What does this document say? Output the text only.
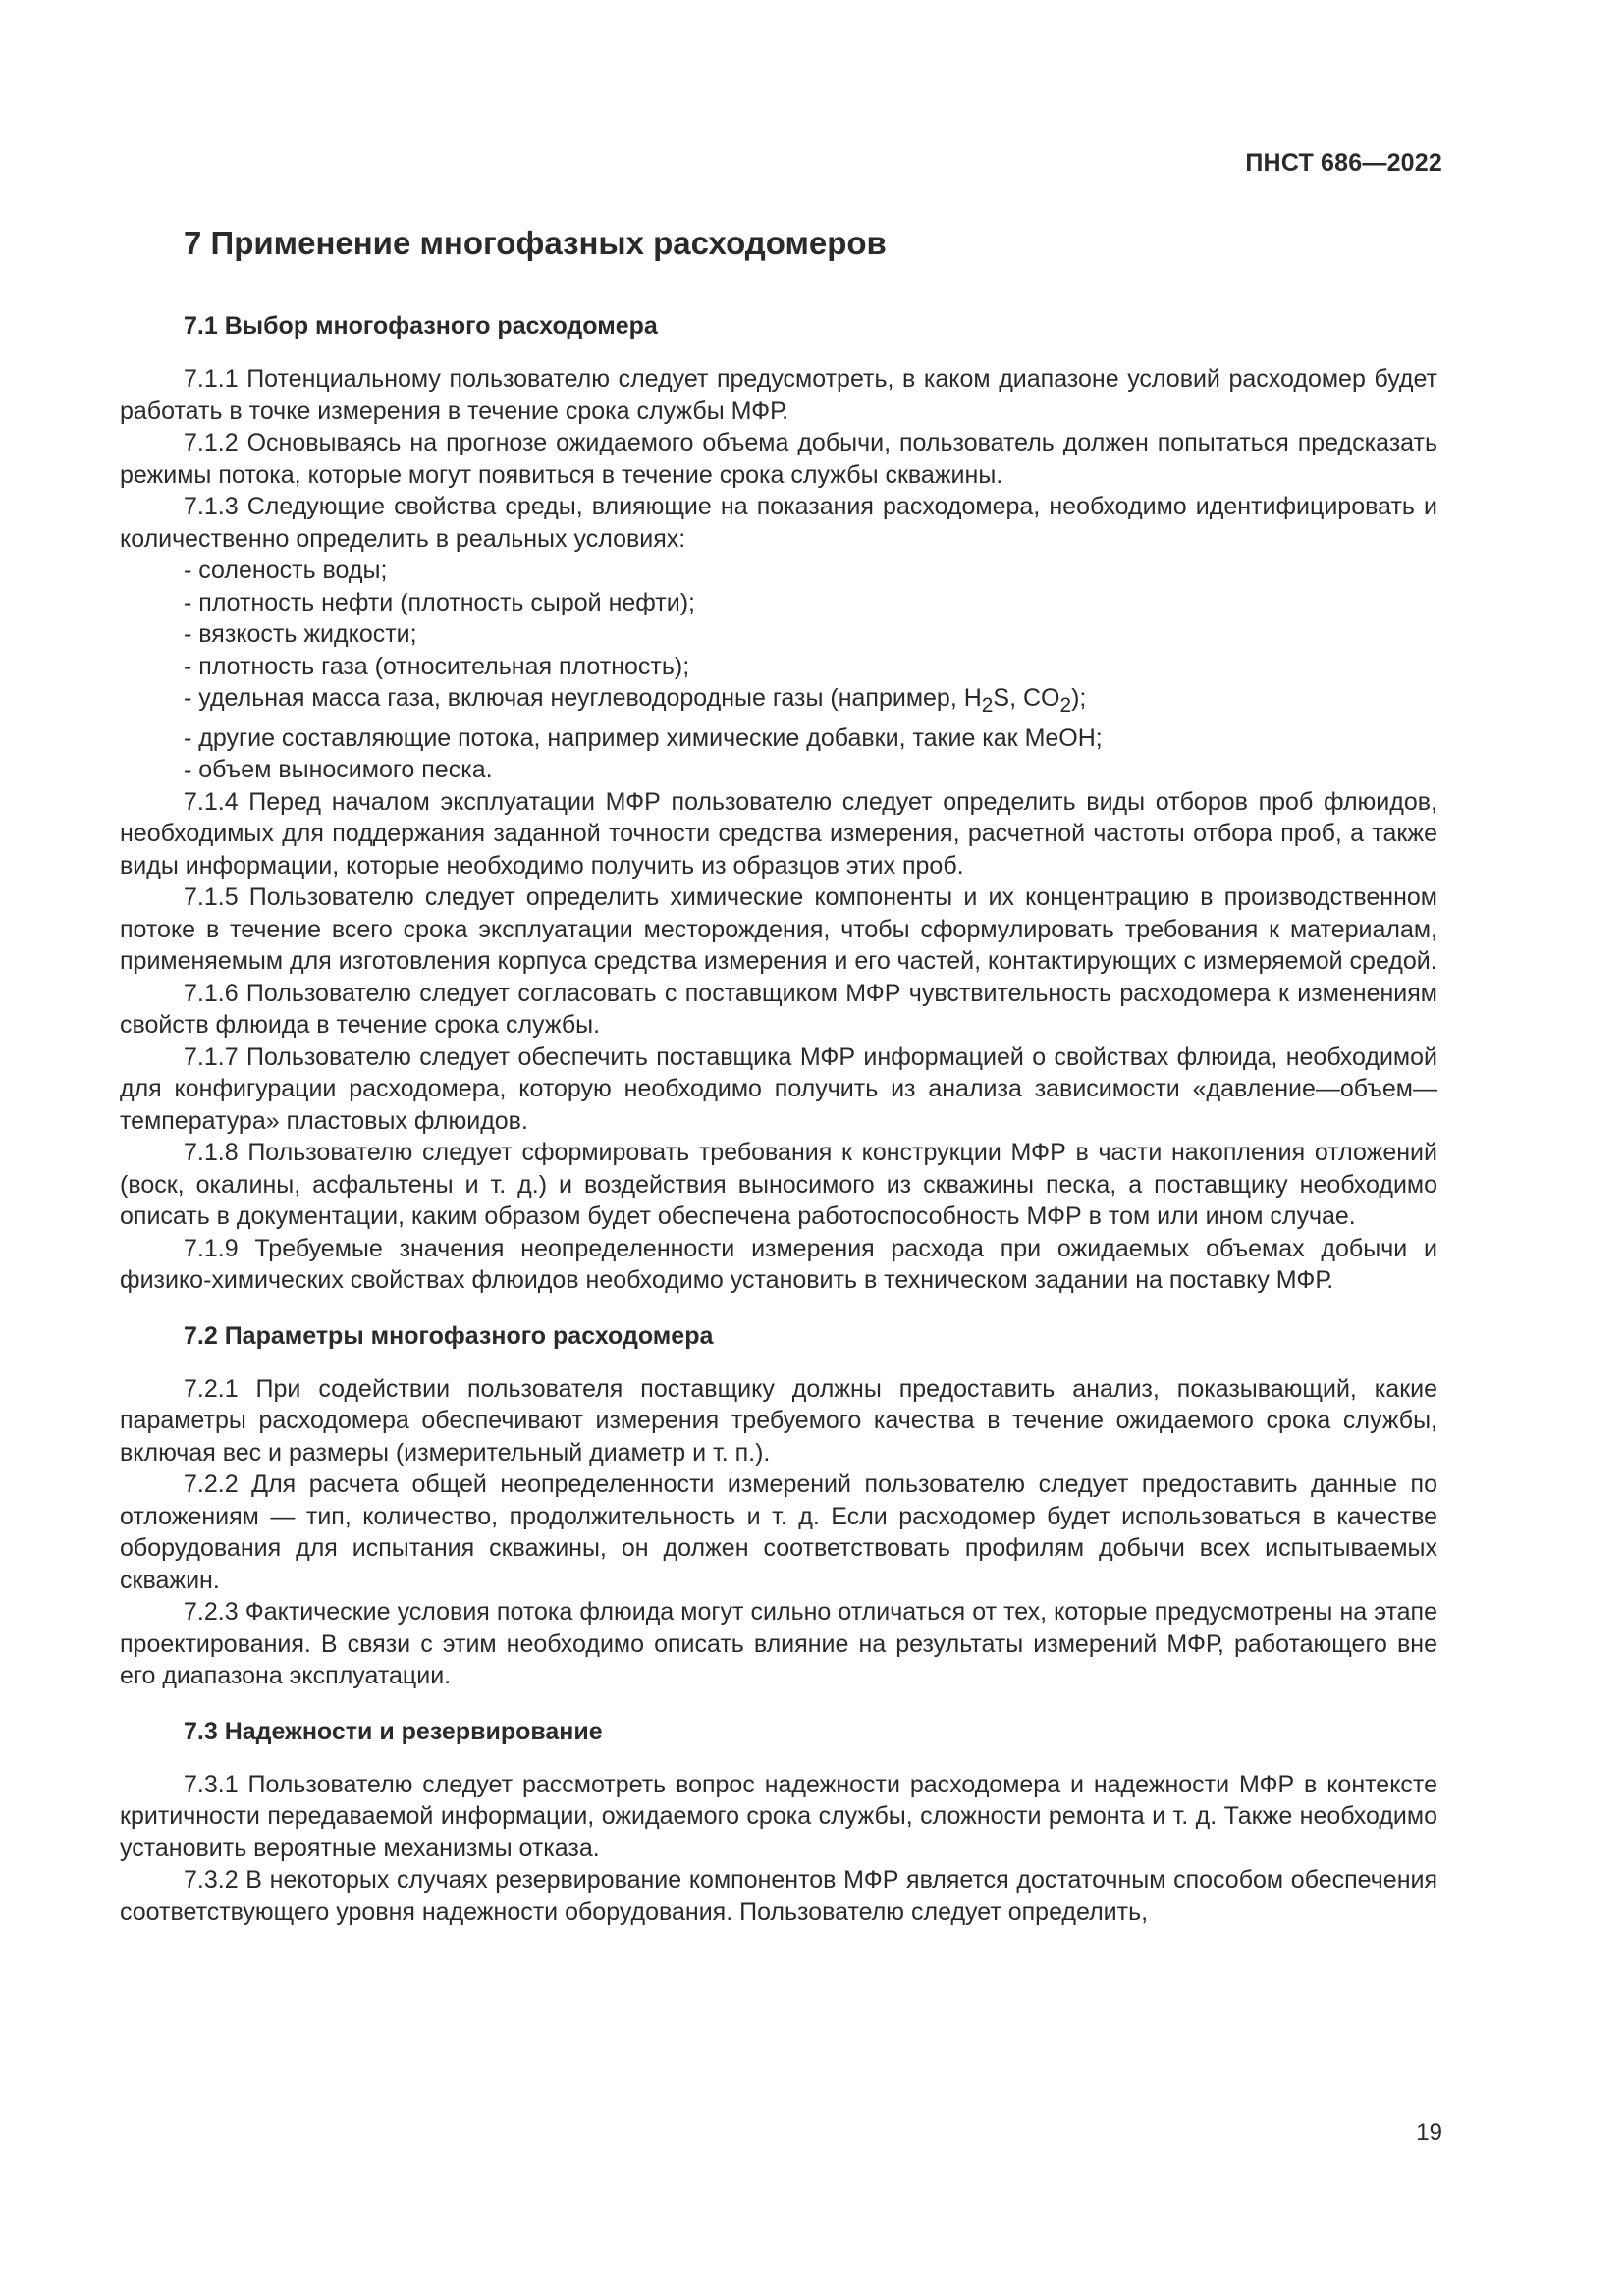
ПНСТ 686—2022
7 Применение многофазных расходомеров
7.1 Выбор многофазного расходомера

7.1.1 Потенциальному пользователю следует предусмотреть, в каком диапазоне условий расходомер будет работать в точке измерения в течение срока службы МФР.

7.1.2 Основываясь на прогнозе ожидаемого объема добычи, пользователь должен попытаться предсказать режимы потока, которые могут появиться в течение срока службы скважины.

7.1.3 Следующие свойства среды, влияющие на показания расходомера, необходимо идентифицировать и количественно определить в реальных условиях:

- соленость воды;
- плотность нефти (плотность сырой нефти);
- вязкость жидкости;
- плотность газа (относительная плотность);
- удельная масса газа, включая неуглеводородные газы (например, $H_2S$, $CO_2$);
- другие составляющие потока, например химические добавки, такие как MeOH;
- объем выносимого песка.

7.1.4 Перед началом эксплуатации МФР пользователю следует определить виды отборов проб флюидов, необходимых для поддержания заданной точности средства измерения, расчетной частоты отбора проб, а также виды информации, которые необходимо получить из образцов этих проб.

7.1.5 Пользователю следует определить химические компоненты и их концентрацию в производственном потоке в течение всего срока эксплуатации месторождения, чтобы сформулировать требования к материалам, применяемым для изготовления корпуса средства измерения и его частей, контактирующих с измеряемой средой.

7.1.6 Пользователю следует согласовать с поставщиком МФР чувствительность расходомера к изменениям свойств флюида в течение срока службы.

7.1.7 Пользователю следует обеспечить поставщика МФР информацией о свойствах флюида, необходимой для конфигурации расходомера, которую необходимо получить из анализа зависимости «давление—объем—температура» пластовых флюидов.

7.1.8 Пользователю следует сформировать требования к конструкции МФР в части накопления отложений (воск, окалины, асфальтены и т. д.) и воздействия выносимого из скважины песка, а поставщику необходимо описать в документации, каким образом будет обеспечена работоспособность МФР в том или ином случае.

7.1.9 Требуемые значения неопределенности измерения расхода при ожидаемых объемах добычи и физико-химических свойствах флюидов необходимо установить в техническом задании на поставку МФР.

7.2 Параметры многофазного расходомера

7.2.1 При содействии пользователя поставщику должны предоставить анализ, показывающий, какие параметры расходомера обеспечивают измерения требуемого качества в течение ожидаемого срока службы, включая вес и размеры (измерительный диаметр и т. п.).

7.2.2 Для расчета общей неопределенности измерений пользователю следует предоставить данные по отложениям — тип, количество, продолжительность и т. д. Если расходомер будет использоваться в качестве оборудования для испытания скважины, он должен соответствовать профилям добычи всех испытываемых скважин.

7.2.3 Фактические условия потока флюида могут сильно отличаться от тех, которые предусмотрены на этапе проектирования. В связи с этим необходимо описать влияние на результаты измерений МФР, работающего вне его диапазона эксплуатации.

7.3 Надежности и резервирование

7.3.1 Пользователю следует рассмотреть вопрос надежности расходомера и надежности МФР в контексте критичности передаваемой информации, ожидаемого срока службы, сложности ремонта и т. д. Также необходимо установить вероятные механизмы отказа.

7.3.2 В некоторых случаях резервирование компонентов МФР является достаточным способом обеспечения соответствующего уровня надежности оборудования. Пользователю следует определить,

19
